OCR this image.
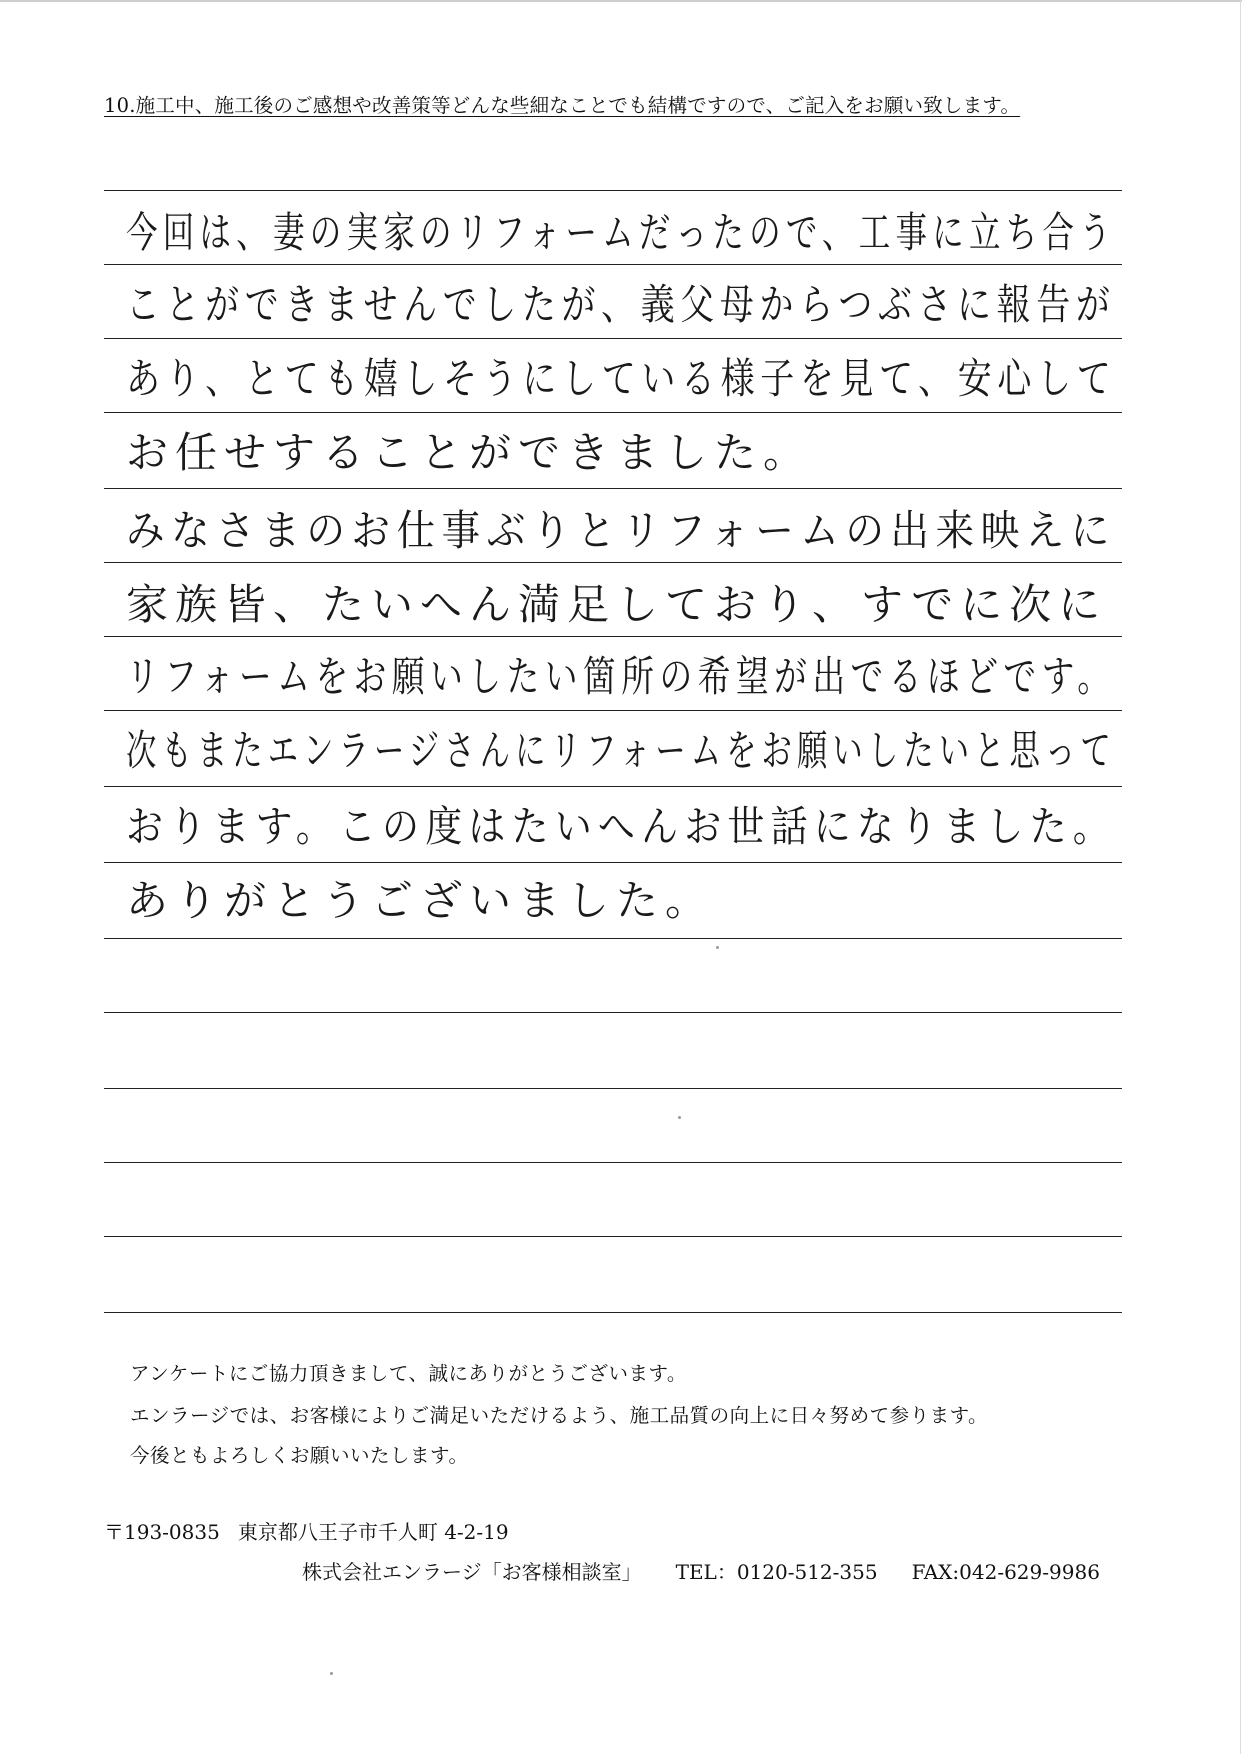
10.施工中、施工後のご感想や改善策等どんな些細なことでも結構ですので、ご記入をお願い致します。
今回は、妻の実家のリフォームだったので、工事に立ち合う
ことができませんでしたが、義父母からつぶさに報告が
あり、とても嬉しそうにしている様子を見て、安心して
お任せすることができました。
みなさまのお仕事ぶりとリフォームの出来映えに
家族皆、たいへん満足しており、すでに次に
リフォームをお願いしたい箇所の希望が出でるほどです。
次もまたエンラージさんにリフォームをお願いしたいと思って
おります。この度はたいへんお世話になりました。
ありがとうございました。
アンケートにご協力頂きまして、誠にありがとうございます。
エンラージでは、お客様によりご満足いただけるよう、施工品質の向上に日々努めて参ります。
今後ともよろしくお願いいたします。
〒193-0835 東京都八王子市千人町 4-2-19
株式会社エンラージ「お客様相談室」 TEL：0120-512-355 FAX:042-629-9986
